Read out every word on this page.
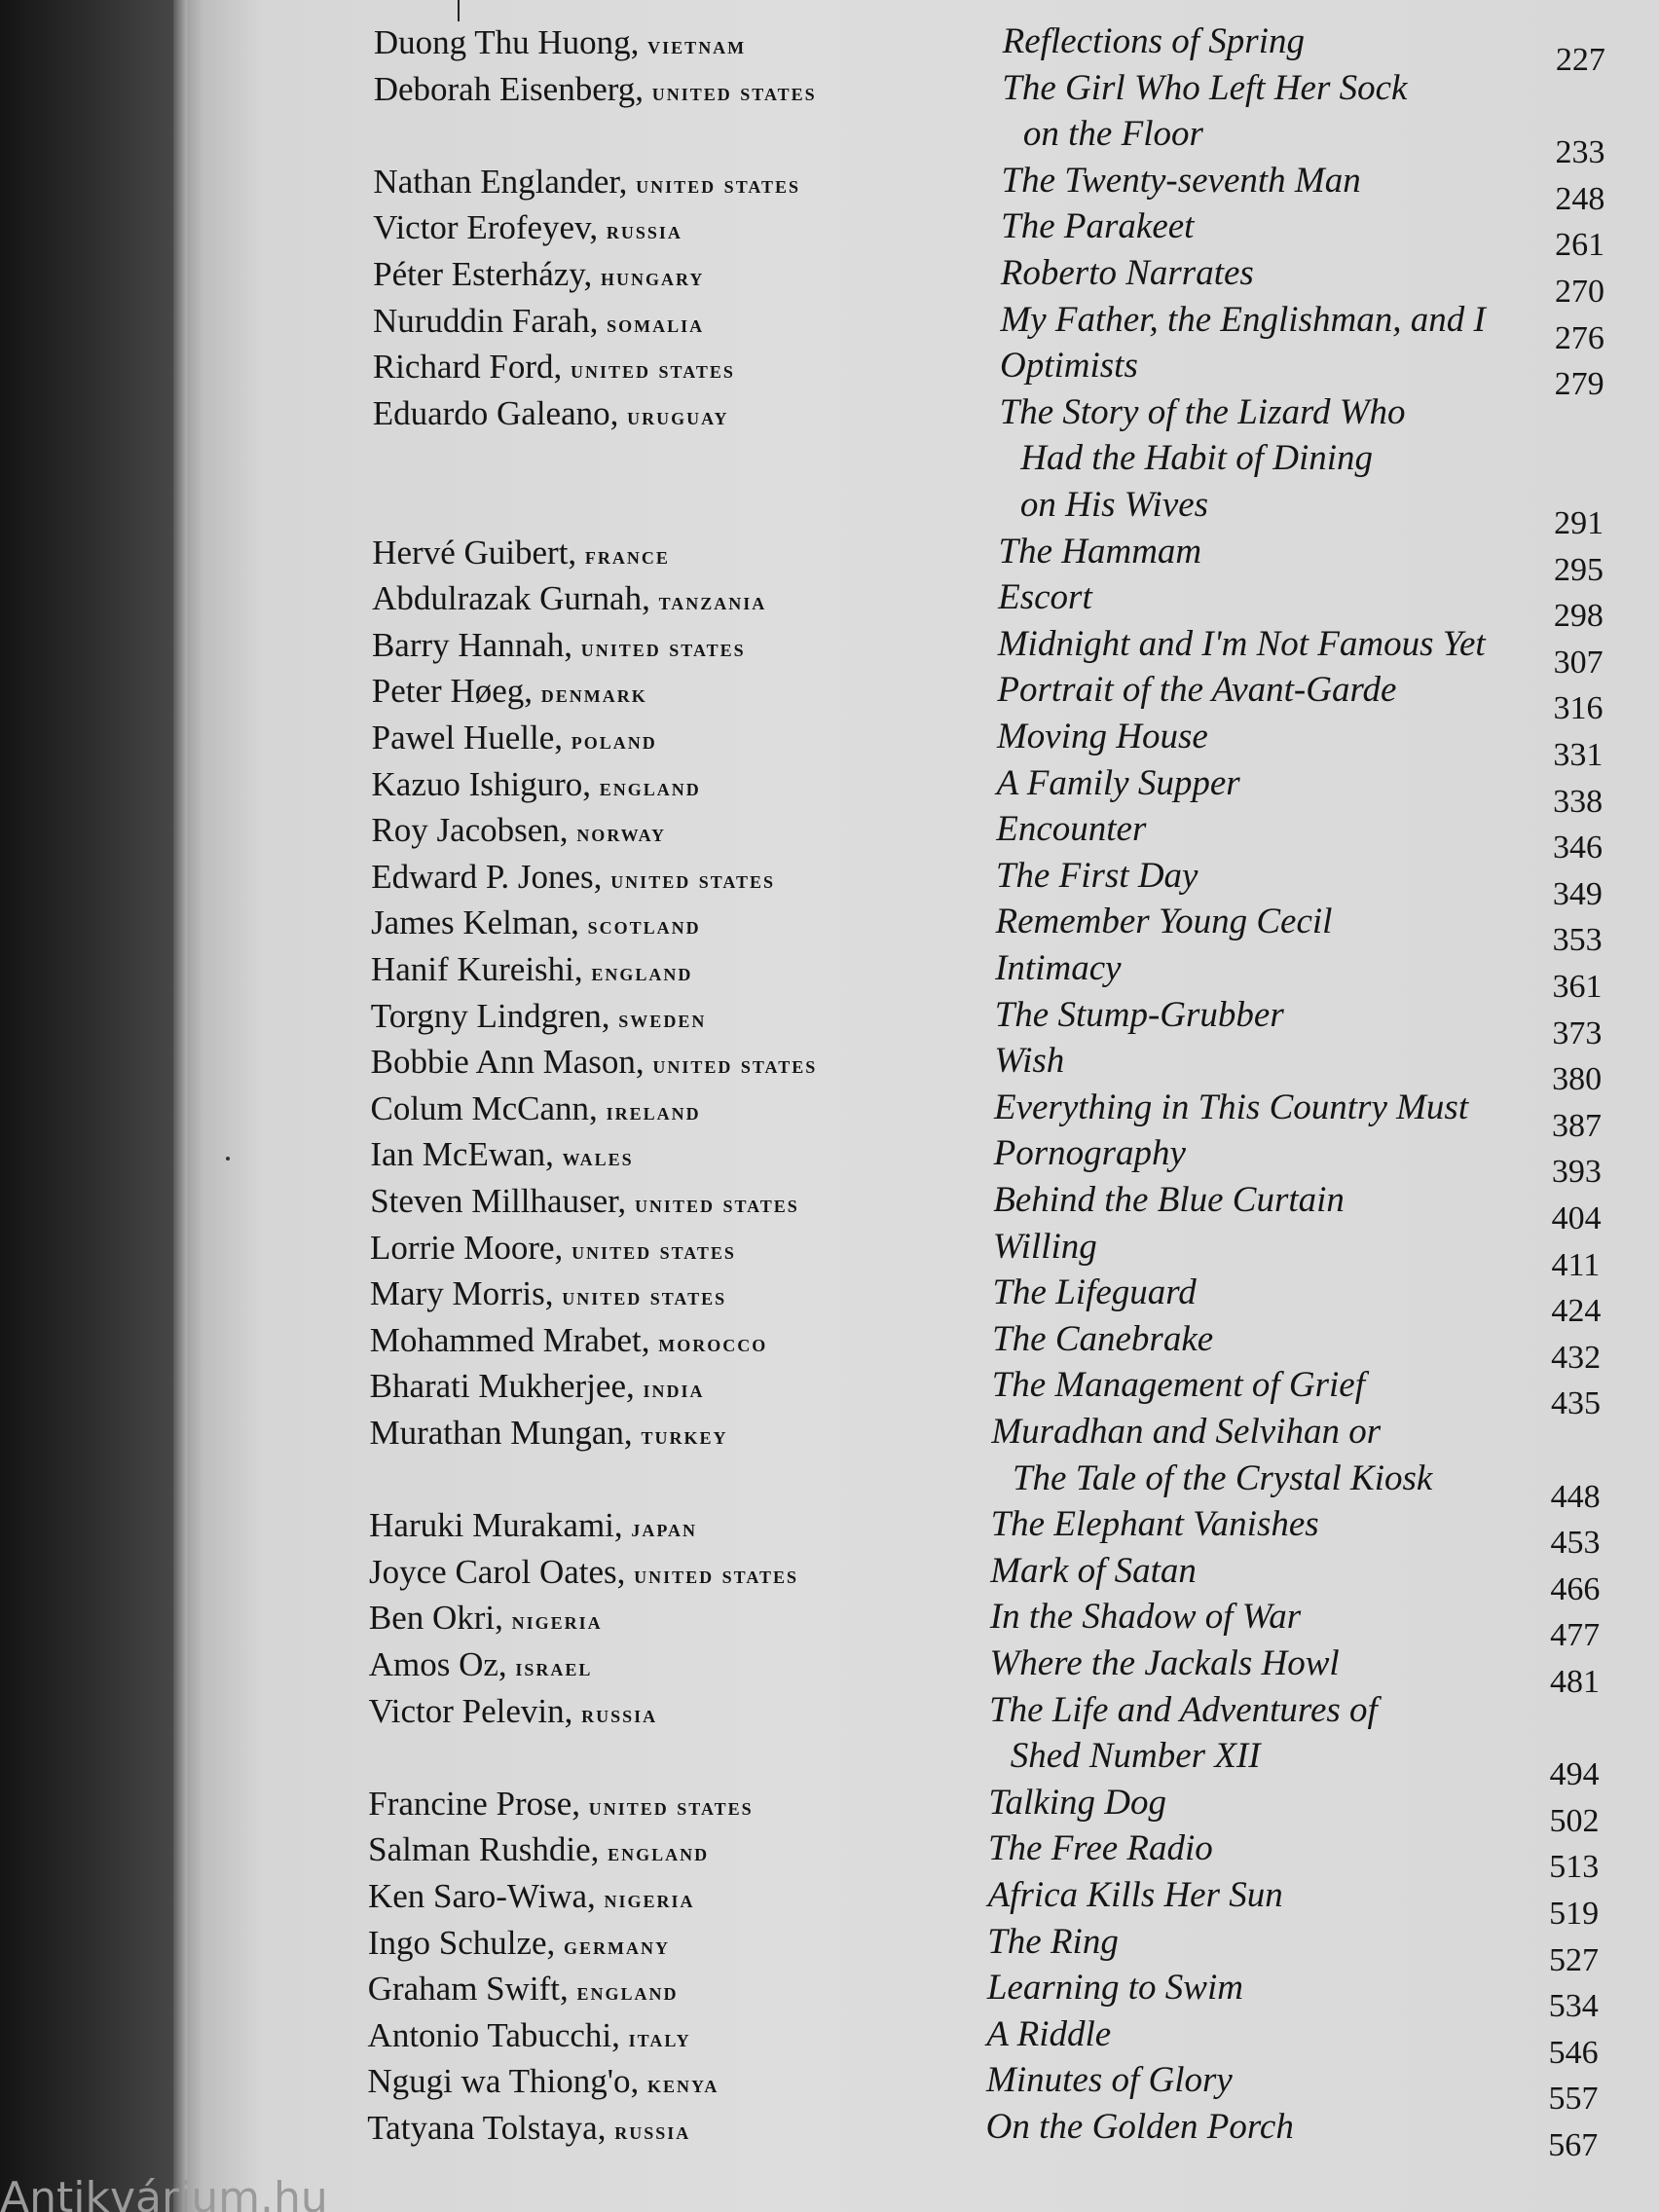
Duong Thu Huong, vietnam	Reflections of Spring	227
Deborah Eisenberg, united states	The Girl Who Left Her Sock
on the Floor	233
Nathan Englander, united states	The Twenty-seventh Man	248
Victor Erofeyev, russia	The Parakeet	261
Péter Esterházy, hungary	Roberto Narrates	270
Nuruddin Farah, somalia	My Father, the Englishman, and I 276
Richard Ford, united states	Optimists	279
Eduardo Galeano, uruguay	The Story of the Lizard Who
Had the Habit of Dining
on His Wives	291
Hervé Guibert, france	The Hammam	295
Abdulrazak Gurnah, tanzania	Escort	298
Barry Hannah, united states	Midnight and I'm Not Famous Yet 307
Peter Høeg, denmark	Portrait of the Avant-Garde	316
Pawel Huelle, poland	Moving House	331
Kazuo Ishiguro, england	A Family Supper	338
Roy Jacobsen, norway	Encounter	346
Edward P. Jones, united states	The First Day	349
James Kelman, scotland	Remember Young Cecil	353
Hanif Kureishi, england	Intimacy	361
Torgny Lindgren, sweden	The Stump-Grubber	373
Bobbie Ann Mason, united states	Wish	380
Colum McCann, ireland	Everything in This Country Must	387
Ian McEwan, wales	Pornography	393
Steven Millhauser, united states	Behind the Blue Curtain	404
Lorrie Moore, united states	Willing	411
Mary Morris, united states	The Lifeguard	424
Mohammed Mrabet, morocco	The Canebrake	432
Bharati Mukherjee, india	The Management of Grief	435
Murathan Mungan, turkey	Muradhan and Selvihan or
The Tale of the Crystal Kiosk	448
Haruki Murakami, japan	The Elephant Vanishes	453
Joyce Carol Oates, united states	Mark of Satan	466
Ben Okri, nigeria	In the Shadow of War	477
Amos Oz, israel	Where the Jackals Howl	481
Victor Pelevin, russia	The Life and Adventures of
Shed Number XII	494
Francine Prose, united states	Talking Dog	502
Salman Rushdie, england	The Free Radio	513
Ken Saro-Wiwa, nigeria	Africa Kills Her Sun	519
Ingo Schulze, germany	The Ring	527
Graham Swift, england	Learning to Swim	534
Antonio Tabucchi, italy	A Riddle	546
Ngugi wa Thiong'o, kenya	Minutes of Glory	557
Tatyana Tolstaya, russia	On the Golden Porch	567
Antikvárium.hu
